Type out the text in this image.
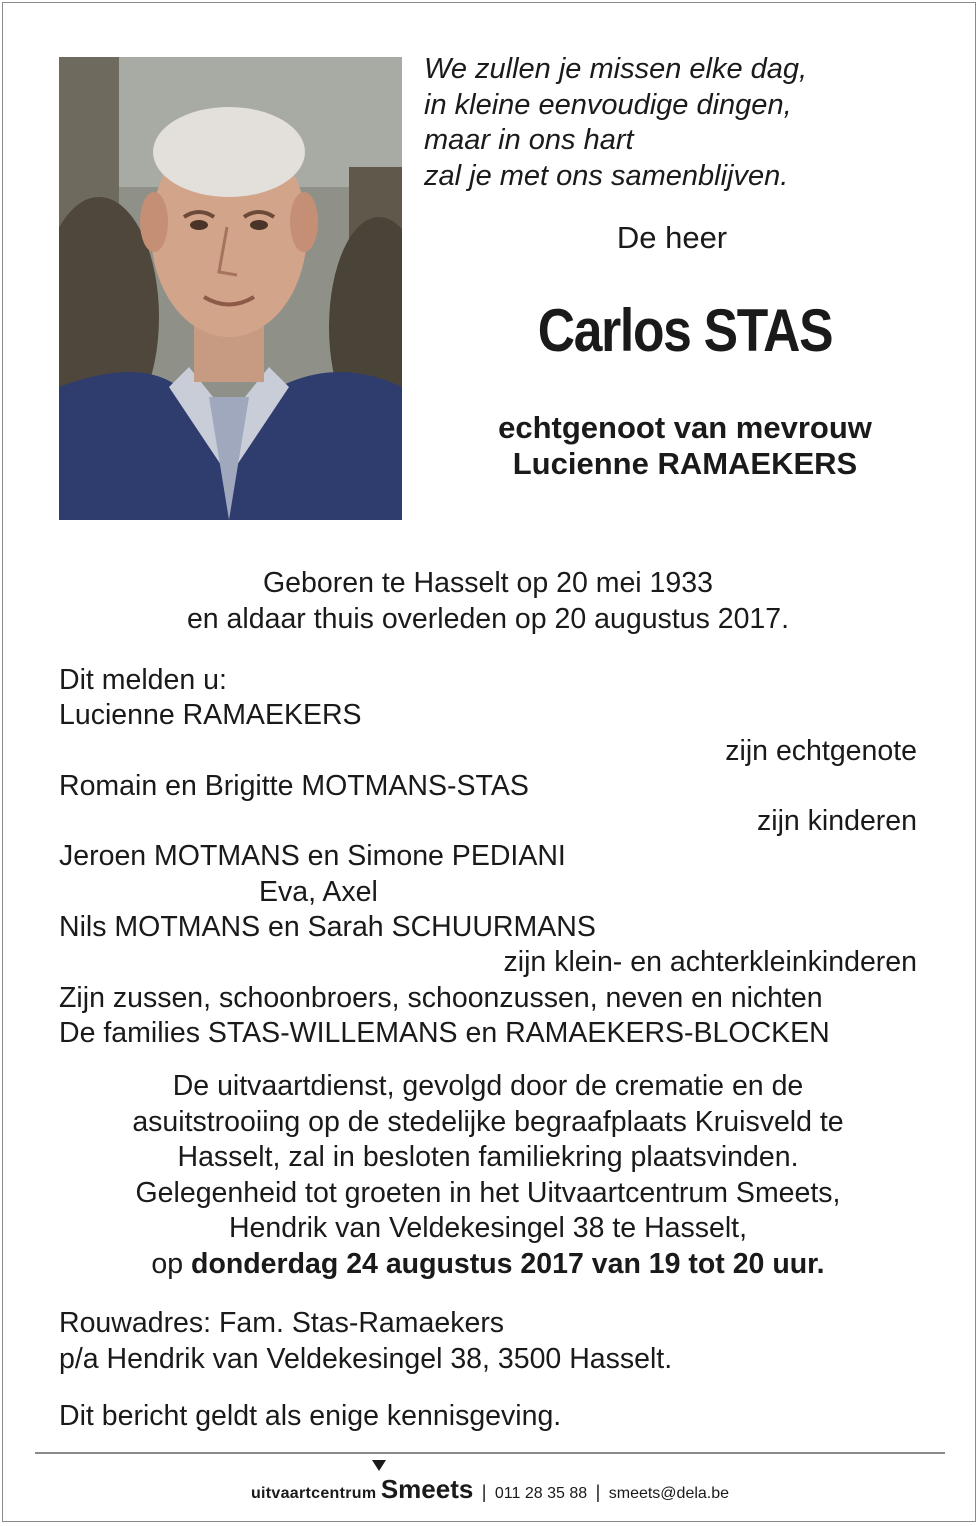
We zullen je missen elke dag,
in kleine eenvoudige dingen,
maar in ons hart
zal je met ons samenblijven.
De heer
Carlos STAS
echtgenoot van mevrouw
Lucienne RAMAEKERS
Geboren te Hasselt op 20 mei 1933
en aldaar thuis overleden op 20 augustus 2017.
Dit melden u:
Lucienne RAMAEKERS
zijn echtgenote
Romain en Brigitte MOTMANS-STAS
zijn kinderen
Jeroen MOTMANS en Simone PEDIANI
Eva, Axel
Nils MOTMANS en Sarah SCHUURMANS
zijn klein- en achterkleinkinderen
Zijn zussen, schoonbroers, schoonzussen, neven en nichten
De families STAS-WILLEMANS en RAMAEKERS-BLOCKEN
De uitvaartdienst, gevolgd door de crematie en de
asuitstrooiing op de stedelijke begraafplaats Kruisveld te
Hasselt, zal in besloten familiekring plaatsvinden.
Gelegenheid tot groeten in het Uitvaartcentrum Smeets,
Hendrik van Veldekesingel 38 te Hasselt,
op donderdag 24 augustus 2017 van 19 tot 20 uur.
Rouwadres: Fam. Stas-Ramaekers
p/a Hendrik van Veldekesingel 38, 3500 Hasselt.
Dit bericht geldt als enige kennisgeving.
uitvaartcentrum Smeets | 011 28 35 88 | smeets@dela.be
